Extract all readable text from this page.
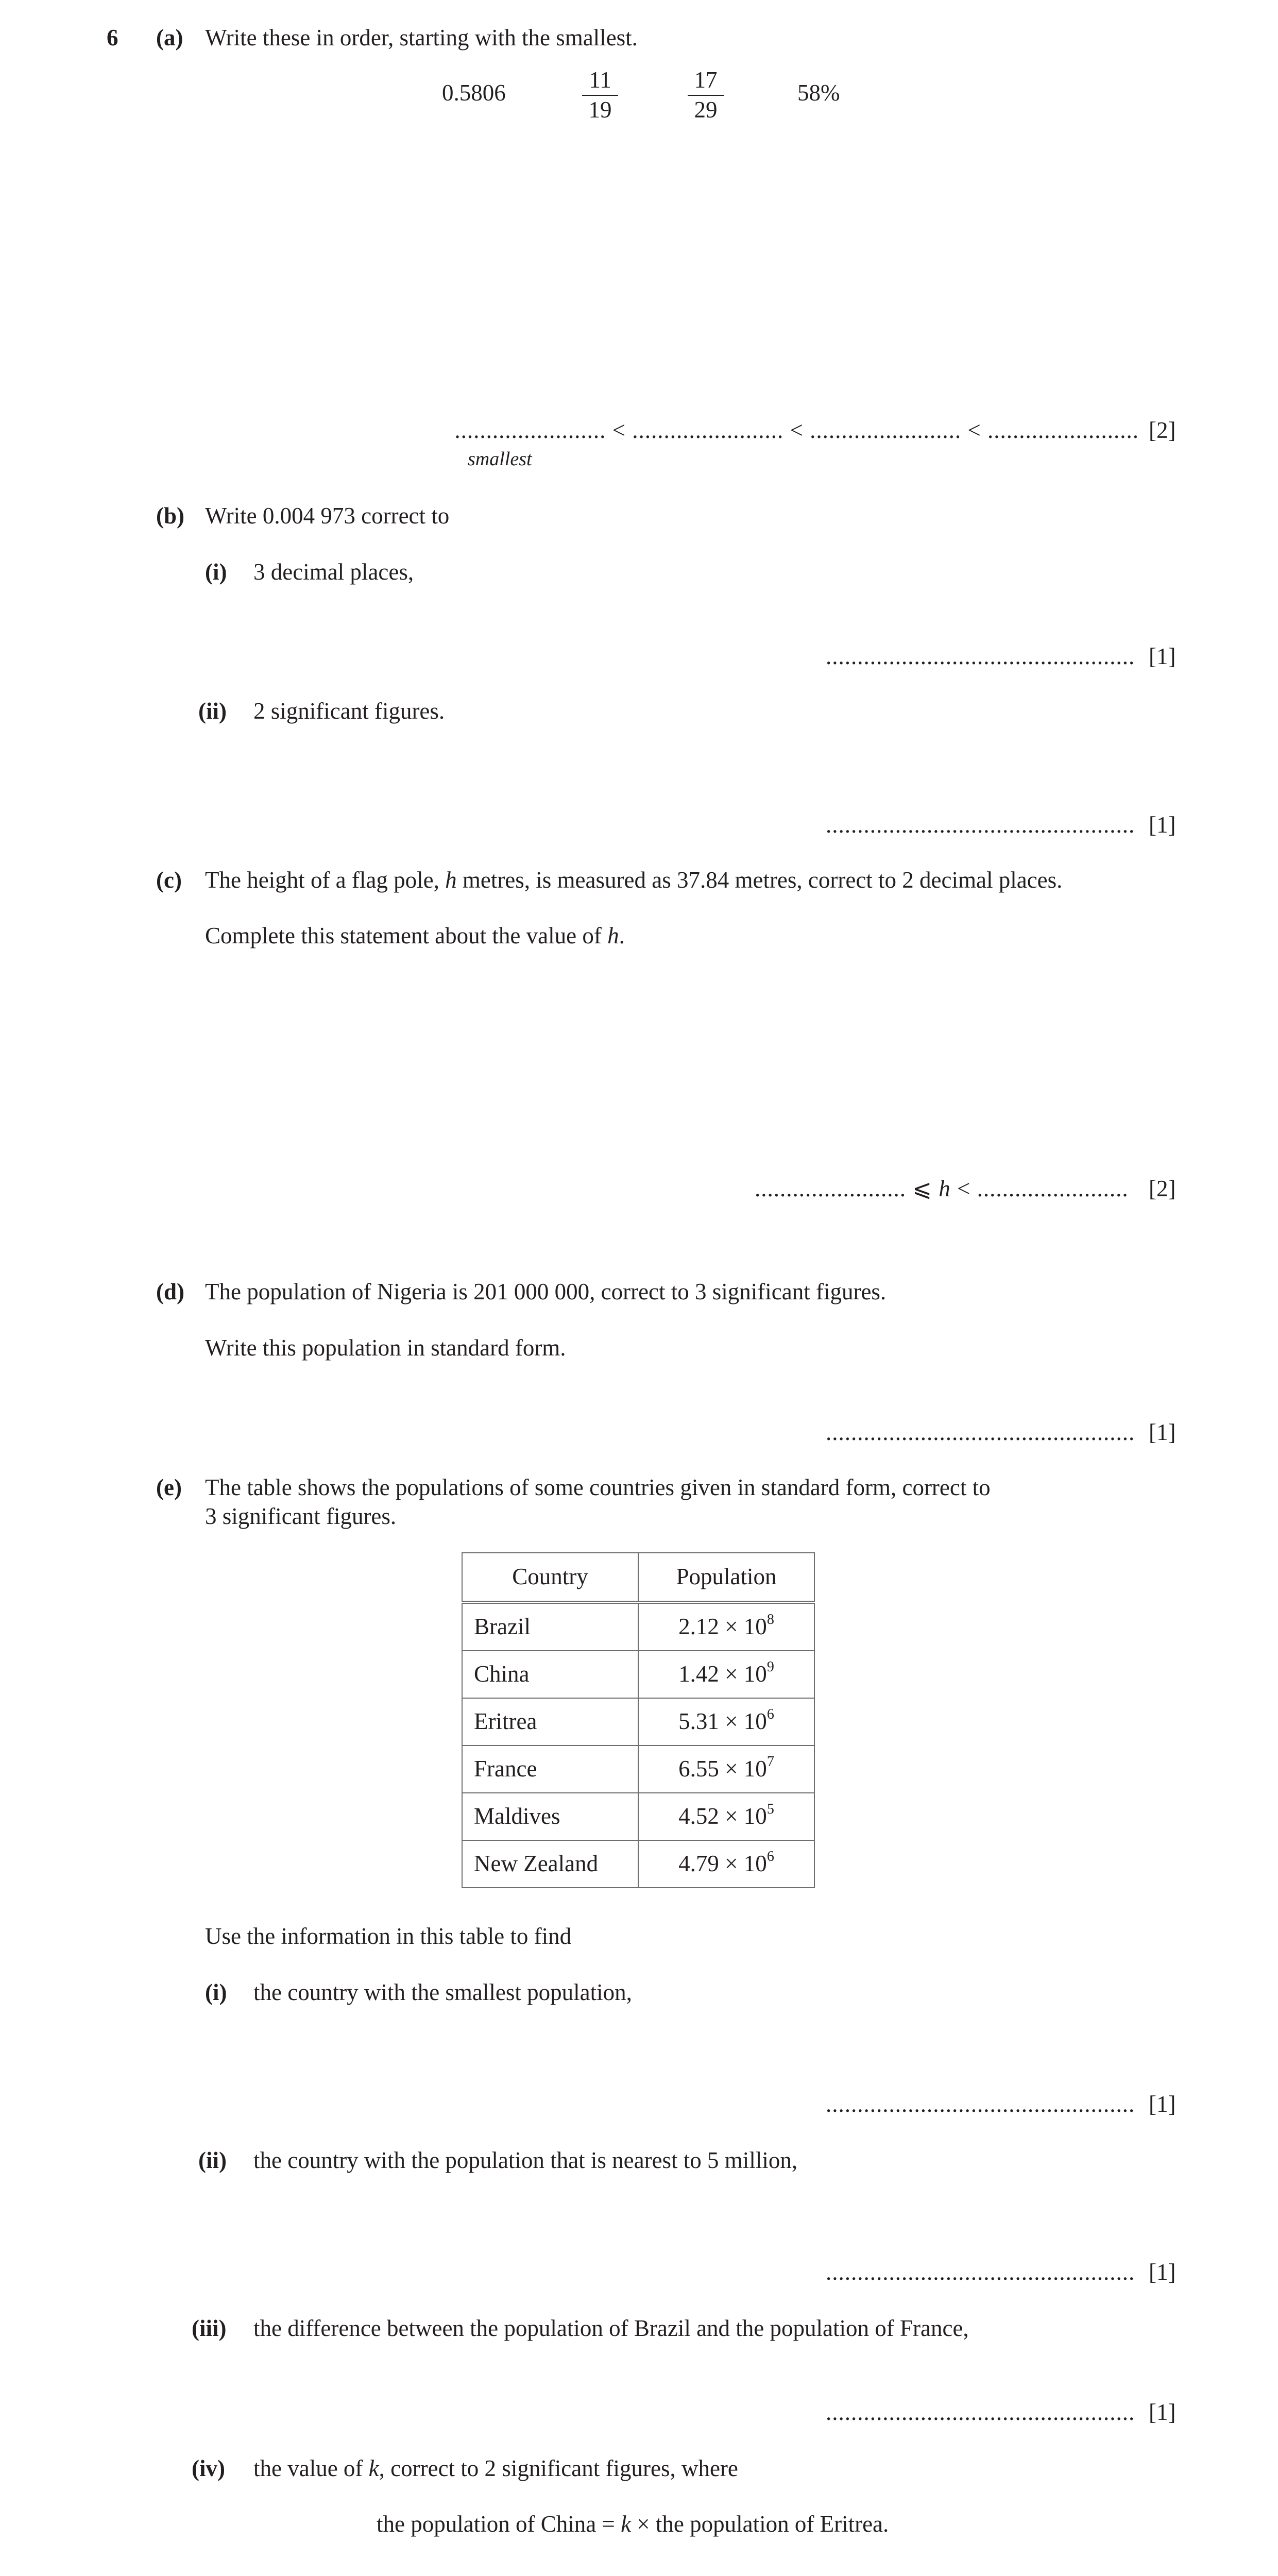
6 (a) Write these in order, starting with the smallest.
0.5806	$\frac{11}{19}$	$\frac{17}{29}$	58%
........................ < ........................ < ........................ < ........................ [2]
smallest
(b) Write 0.004 973 correct to
(i) 3 decimal places,
................................................. [1]
(ii) 2 significant figures.
................................................. [1]
(c) The height of a flag pole, h metres, is measured as 37.84 metres, correct to 2 decimal places.
Complete this statement about the value of h.
........................ ⩽ h < ........................ [2]
(d) The population of Nigeria is 201 000 000, correct to 3 significant figures.
Write this population in standard form.
................................................. [1]
(e) The table shows the populations of some countries given in standard form, correct to
3 significant figures.
Country	Population
Brazil	$2.12 \times 10^8$
China	$1.42 \times 10^9$
Eritrea	$5.31 \times 10^6$
France	$6.55 \times 10^7$
Maldives	$4.52 \times 10^5$
New Zealand	$4.79 \times 10^6$
Use the information in this table to find
(i) the country with the smallest population,
................................................. [1]
(ii) the country with the population that is nearest to 5 million,
................................................. [1]
(iii) the difference between the population of Brazil and the population of France,
................................................. [1]
(iv) the value of k, correct to 2 significant figures, where
the population of China = k × the population of Eritrea.
